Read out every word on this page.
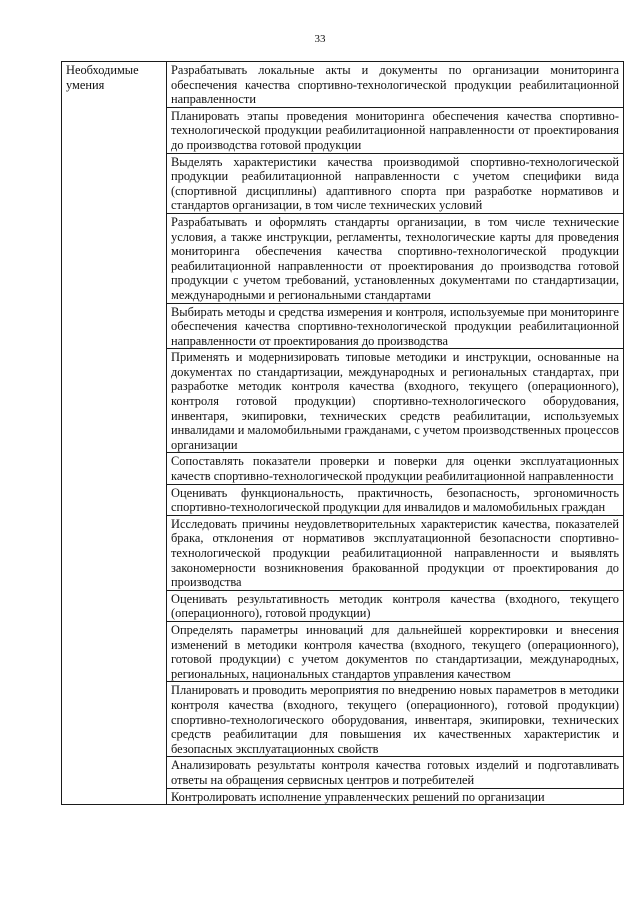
33
Необходимые умения	Разрабатывать локальные акты и документы по организации мониторинга обеспечения качества спортивно-технологической продукции реабилитационной направленности
Планировать этапы проведения мониторинга обеспечения качества спортивно-технологической продукции реабилитационной направленности от проектирования до производства готовой продукции
Выделять характеристики качества производимой спортивно-технологической продукции реабилитационной направленности с учетом специфики вида (спортивной дисциплины) адаптивного спорта при разработке нормативов и стандартов организации, в том числе технических условий
Разрабатывать и оформлять стандарты организации, в том числе технические условия, а также инструкции, регламенты, технологические карты для проведения мониторинга обеспечения качества спортивно-технологической продукции реабилитационной направленности от проектирования до производства готовой продукции с учетом требований, установленных документами по стандартизации, международными и региональными стандартами
Выбирать методы и средства измерения и контроля, используемые при мониторинге обеспечения качества спортивно-технологической продукции реабилитационной направленности от проектирования до производства
Применять и модернизировать типовые методики и инструкции, основанные на документах по стандартизации, международных и региональных стандартах, при разработке методик контроля качества (входного, текущего (операционного), контроля готовой продукции) спортивно-технологического оборудования, инвентаря, экипировки, технических средств реабилитации, используемых инвалидами и маломобильными гражданами, с учетом производственных процессов организации
Сопоставлять показатели проверки и поверки для оценки эксплуатационных качеств спортивно-технологической продукции реабилитационной направленности
Оценивать функциональность, практичность, безопасность, эргономичность спортивно-технологической продукции для инвалидов и маломобильных граждан
Исследовать причины неудовлетворительных характеристик качества, показателей брака, отклонения от нормативов эксплуатационной безопасности спортивно-технологической продукции реабилитационной направленности и выявлять закономерности возникновения бракованной продукции от проектирования до производства
Оценивать результативность методик контроля качества (входного, текущего (операционного), готовой продукции)
Определять параметры инноваций для дальнейшей корректировки и внесения изменений в методики контроля качества (входного, текущего (операционного), готовой продукции) с учетом документов по стандартизации, международных, региональных, национальных стандартов управления качеством
Планировать и проводить мероприятия по внедрению новых параметров в методики контроля качества (входного, текущего (операционного), готовой продукции) спортивно-технологического оборудования, инвентаря, экипировки, технических средств реабилитации для повышения их качественных характеристик и безопасных эксплуатационных свойств
Анализировать результаты контроля качества готовых изделий и подготавливать ответы на обращения сервисных центров и потребителей
Контролировать исполнение управленческих решений по организации
